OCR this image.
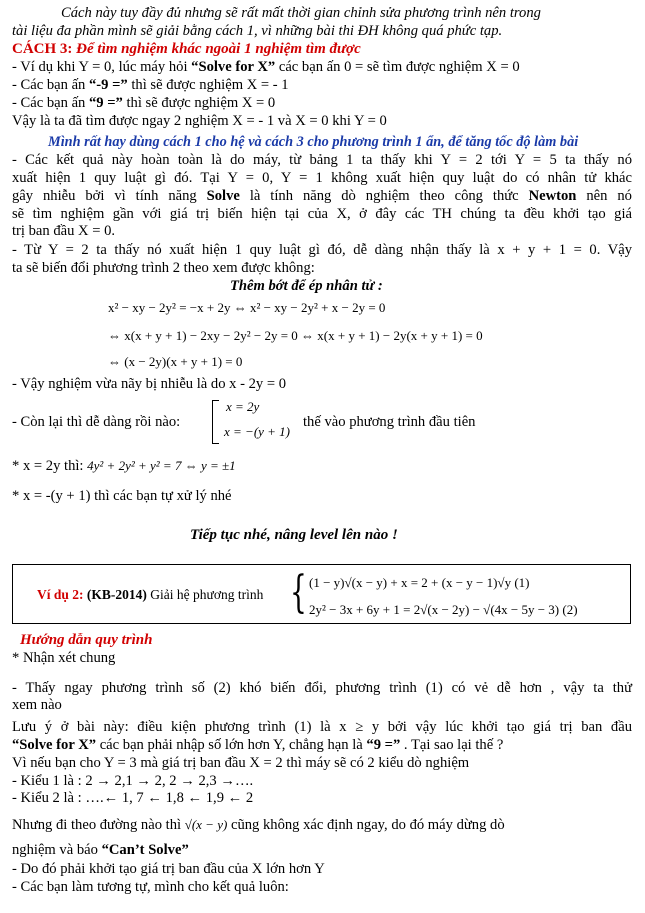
Cách này tuy đầy đủ nhưng sẽ rất mất thời gian chỉnh sửa phương trình nên trong
tài liệu đa phần mình sẽ giải bằng cách 1, vì những bài thi ĐH không quá phức tạp.
CÁCH 3: Để tìm nghiệm khác ngoài 1 nghiệm tìm được
- Ví dụ khi Y = 0, lúc máy hỏi “Solve for X” các bạn ấn 0 = sẽ tìm được nghiệm X = 0
- Các bạn ấn “-9 =” thì sẽ được nghiệm X = - 1
- Các bạn ấn “9 =” thì sẽ được nghiệm X = 0
Vậy là ta đã tìm được ngay 2 nghiệm X = - 1 và X = 0 khi Y = 0
Mình rất hay dùng cách 1 cho hệ và cách 3 cho phương trình 1 ẩn, để tăng tốc độ làm bài
- Các kết quả này hoàn toàn là do máy, từ bảng 1 ta thấy khi Y = 2 tới Y = 5 ta thấy nó
xuất hiện 1 quy luật gì đó. Tại Y = 0, Y = 1 không xuất hiện quy luật do có nhân tử khác
gây nhiễu bởi vì tính năng Solve là tính năng dò nghiệm theo công thức Newton nên nó
sẽ tìm nghiệm gần với giá trị biến hiện tại của X, ở đây các TH chúng ta đều khởi tạo giá
trị ban đầu X = 0.
- Từ Y = 2 ta thấy nó xuất hiện 1 quy luật gì đó, dễ dàng nhận thấy là x + y + 1 = 0. Vậy
ta sẽ biến đổi phương trình 2 theo xem được không:
Thêm bớt để ép nhân tử :
x² − xy − 2y² = −x + 2y ⇔ x² − xy − 2y² + x − 2y = 0
⇔ x(x + y + 1) − 2xy − 2y² − 2y = 0 ⇔ x(x + y + 1) − 2y(x + y + 1) = 0
⇔ (x − 2y)(x + y + 1) = 0
- Vậy nghiệm vừa nãy bị nhiễu là do x - 2y = 0
- Còn lại thì dễ dàng rồi nào:
x = 2y
x = −(y + 1)
thế vào phương trình đầu tiên
* x = 2y thì: 4y² + 2y² + y² = 7 ⇔ y = ±1
* x = -(y + 1) thì các bạn tự xử lý nhé
Tiếp tục nhé, nâng level lên nào !
Ví dụ 2: (KB-2014) Giải hệ phương trình { (1 − y)√(x − y) + x = 2 + (x − y − 1)√y (1)
2y² − 3x + 6y + 1 = 2√(x − 2y) − √(4x − 5y − 3) (2)
Hướng dẫn quy trình
* Nhận xét chung
- Thấy ngay phương trình số (2) khó biến đổi, phương trình (1) có vẻ dễ hơn , vậy ta thử
xem nào
Lưu ý ở bài này: điều kiện phương trình (1) là x ≥ y bởi vậy lúc khởi tạo giá trị ban đầu
“Solve for X” các bạn phải nhập số lớn hơn Y, chẳng hạn là “9 =” . Tại sao lại thế ?
Vì nếu bạn cho Y = 3 mà giá trị ban đầu X = 2 thì máy sẽ có 2 kiểu dò nghiệm
- Kiểu 1 là : 2 → 2,1 → 2, 2 → 2,3 →….
- Kiểu 2 là : ….← 1, 7 ← 1,8 ← 1,9 ← 2
Nhưng đi theo đường nào thì √(x − y) cũng không xác định ngay, do đó máy dừng dò
nghiệm và báo “Can’t Solve”
- Do đó phải khởi tạo giá trị ban đầu của X lớn hơn Y
- Các bạn làm tương tự, mình cho kết quả luôn:
